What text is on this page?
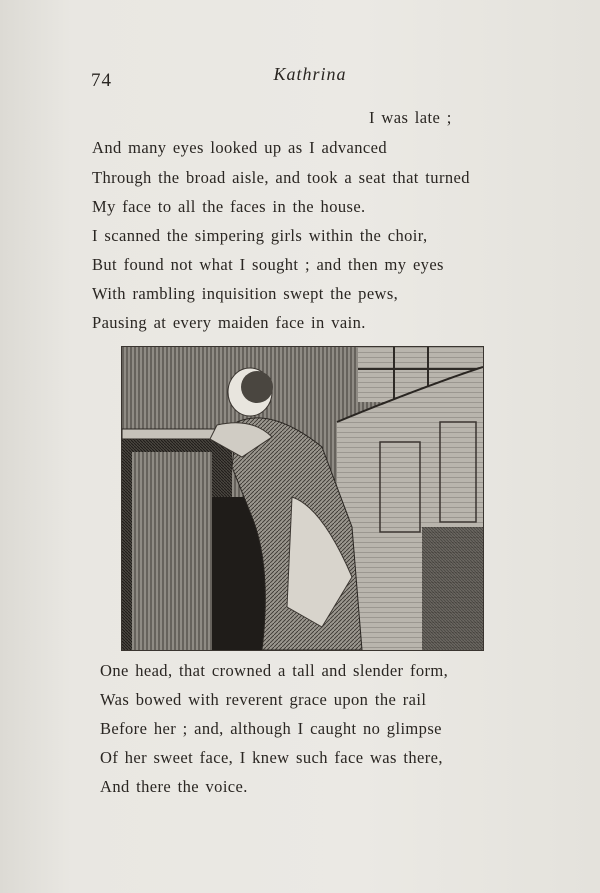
74	Kathrina
I was late ;
And many eyes looked up as I advanced
Through the broad aisle, and took a seat that turned
My face to all the faces in the house.
I scanned the simpering girls within the choir,
But found not what I sought ; and then my eyes
With rambling inquisition swept the pews,
Pausing at every maiden face in vain.
One head, that crowned a tall and slender form,
Was bowed with reverent grace upon the rail
Before her ; and, although I caught no glimpse
Of her sweet face, I knew such face was there,
And there the voice.
